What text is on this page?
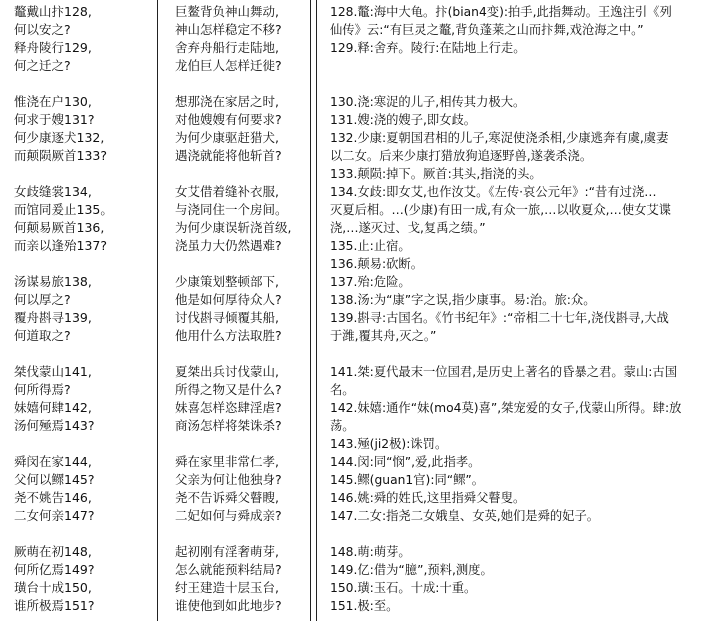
鼇戴山抃128,
何以安之?
释舟陵行129,
何之迁之?
惟浇在户130,
何求于嫂131?
何少康逐犬132,
而颠陨厥首133?
女歧缝裳134,
而馆同爰止135。
何颠易厥首136,
而亲以逢殆137?
汤谋易旅138,
何以厚之?
覆舟斟寻139,
何道取之?
桀伐蒙山141,
何所得焉?
妹嬉何肆142,
汤何殛焉143?
舜闵在家144,
父何以鳏145?
尧不姚告146,
二女何亲147?
厥萌在初148,
何所亿焉149?
璜台十成150,
谁所极焉151?
巨鳌背负神山舞动,
神山怎样稳定不移?
舍弃舟船行走陆地,
龙伯巨人怎样迁徙?
想那浇在家居之时,
对他嫂嫂有何要求?
为何少康驱赶猎犬,
遇浇就能将他斩首?
女艾借着缝补衣服,
与浇同住一个房间。
为何少康误斩浇首级,
浇虽力大仍然遇难?
少康策划整顿部下,
他是如何厚待众人?
讨伐斟寻倾覆其船,
他用什么方法取胜?
夏桀出兵讨伐蒙山,
所得之物又是什么?
妹喜怎样恣肆淫虐?
商汤怎样将桀诛杀?
舜在家里非常仁孝,
父亲为何让他独身?
尧不告诉舜父瞽瞍,
二妃如何与舜成亲?
起初刚有淫奢萌芽,
怎么就能预料结局?
纣王建造十层玉台,
谁使他到如此地步?
128.鼇:海中大龟。抃(bian4变):拍手,此指舞动。王逸注引《列
仙传》云:“有巨灵之鼇,背负蓬莱之山而抃舞,戏沧海之中。”
129.释:舍弃。陵行:在陆地上行走。
130.浇:寒浞的儿子,相传其力极大。
131.嫂:浇的嫂子,即女歧。
132.少康:夏朝国君相的儿子,寒浞使浇杀相,少康逃奔有虞,虞妻
以二女。后来少康打猎放狗追逐野兽,遂袭杀浇。
133.颠陨:掉下。厥首:其头,指浇的头。
134.女歧:即女艾,也作汝艾。《左传·哀公元年》:“昔有过浇…
灭夏后相。…(少康)有田一成,有众一旅,…以收夏众,…使女艾谍
浇,…遂灭过、戈,复禹之绩。”
135.止:止宿。
136.颠易:砍断。
137.殆:危险。
138.汤:为“康”字之误,指少康事。易:治。旅:众。
139.斟寻:古国名。《竹书纪年》:“帝相二十七年,浇伐斟寻,大战
于潍,覆其舟,灭之。”
141.桀:夏代最末一位国君,是历史上著名的昏暴之君。蒙山:古国
名。
142.妹嬉:通作“妹(mo4莫)喜”,桀宠爱的女子,伐蒙山所得。肆:放
荡。
143.殛(ji2极):诛罚。
144.闵:同“悯”,爱,此指孝。
145.鳏(guan1官):同“鳏”。
146.姚:舜的姓氏,这里指舜父瞽叟。
147.二女:指尧二女娥皇、女英,她们是舜的妃子。
148.萌:萌芽。
149.亿:借为“臆”,预料,测度。
150.璜:玉石。十成:十重。
151.极:至。
